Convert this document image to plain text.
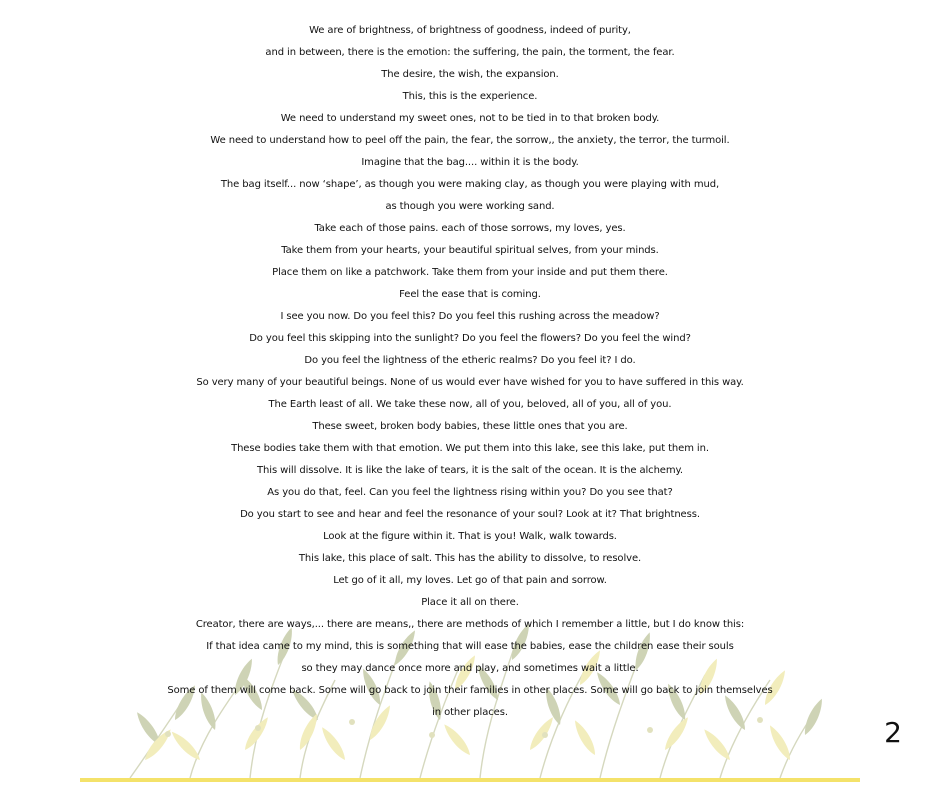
We are of brightness, of brightness of goodness, indeed of purity,
and in between, there is the emotion: the suffering, the pain, the torment, the fear.
The desire, the wish, the expansion.
This, this is the experience.
We need to understand my sweet ones, not to be tied in to that broken body.
We need to understand how to peel off the pain, the fear, the sorrow,, the anxiety, the terror, the turmoil.
Imagine that the bag.... within it is the body.
The bag itself... now ‘shape’, as though you were making clay, as though you were playing with mud,
as though you were working sand.
Take each of those pains. each of those sorrows, my loves, yes.
Take them from your hearts, your beautiful spiritual selves, from your minds.
Place them on like a patchwork. Take them from your inside and put them there.
Feel the ease that is coming.
I see you now. Do you feel this? Do you feel this rushing across the meadow?
Do you feel this skipping into the sunlight? Do you feel the flowers? Do you feel the wind?
Do you feel the lightness of the etheric realms? Do you feel it? I do.
So very many of your beautiful beings. None of us would ever have wished for you to have suffered in this way.
The Earth least of all. We take these now, all of you, beloved, all of you, all of you.
These sweet, broken body babies, these little ones that you are.
These bodies take them with that emotion. We put them into this lake, see this lake, put them in.
This will dissolve. It is like the lake of tears, it is the salt of the ocean. It is the alchemy.
As you do that, feel. Can you feel the lightness rising within you? Do you see that?
Do you start to see and hear and feel the resonance of your soul? Look at it? That brightness.
Look at the figure within it. That is you! Walk, walk towards.
This lake, this place of salt. This has the ability to dissolve, to resolve.
Let go of it all, my loves. Let go of that pain and sorrow.
Place it all on there.
Creator, there are ways,... there are means,, there are methods of which I remember a little, but I do know this:
If that idea came to my mind, this is something that will ease the babies, ease the children ease their souls
so they may dance once more and play, and sometimes wait a little.
Some of them will come back. Some will go back to join their families in other places. Some will go back to join themselves
in other places.
2
